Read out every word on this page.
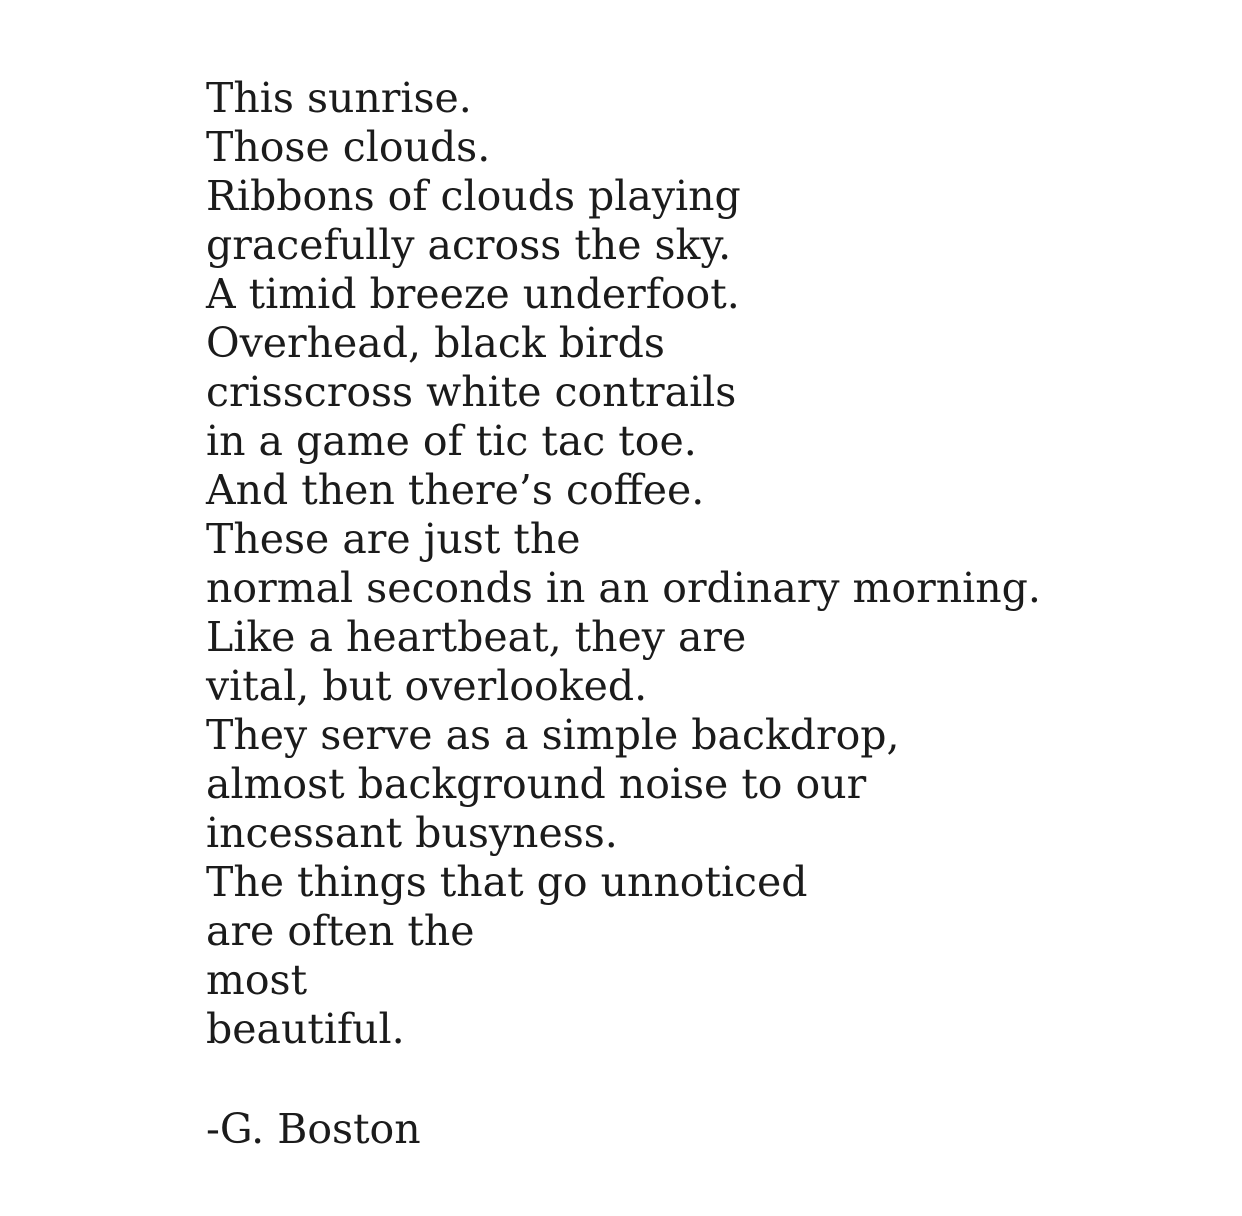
This sunrise.
Those clouds.
Ribbons of clouds playing
gracefully across the sky.
A timid breeze underfoot.
Overhead, black birds
crisscross white contrails
in a game of tic tac toe.
And then there’s coffee.
These are just the
normal seconds in an ordinary morning.
Like a heartbeat, they are
vital, but overlooked.
They serve as a simple backdrop,
almost background noise to our
incessant busyness.
The things that go unnoticed
are often the
most
beautiful.
-G. Boston
